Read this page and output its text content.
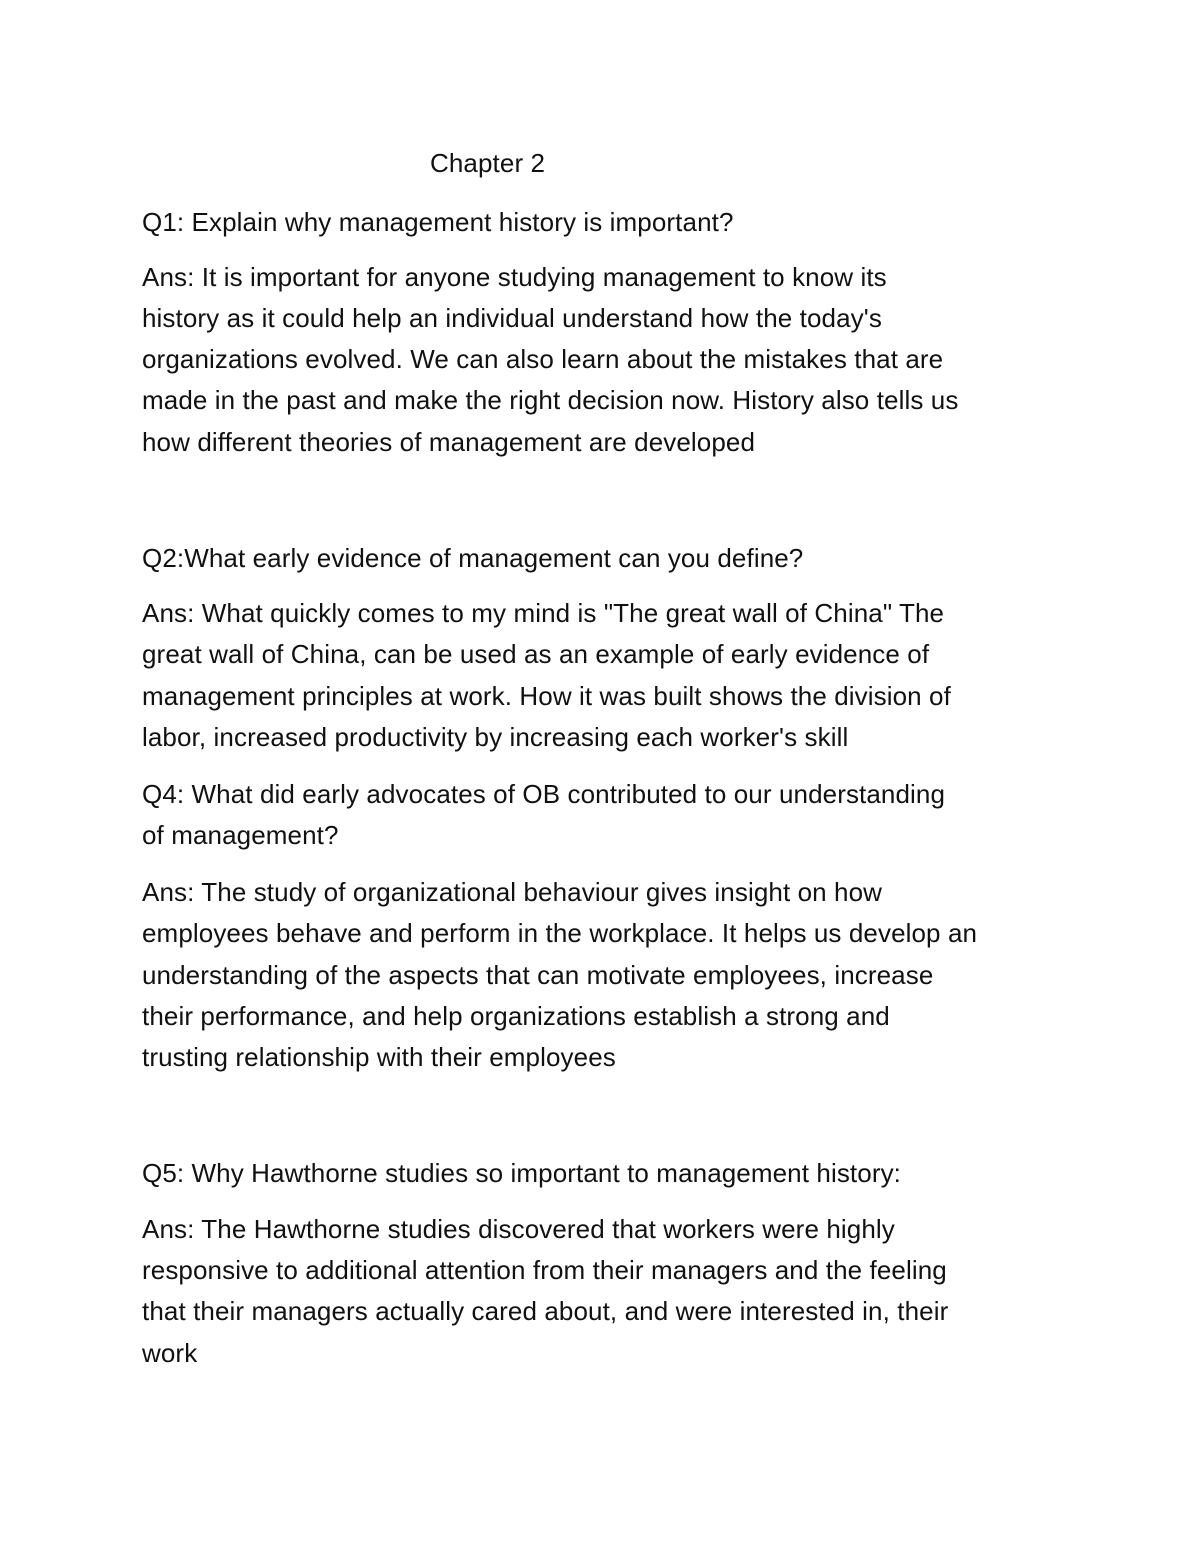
Chapter 2
Q1: Explain why management history is important?
Ans: It is important for anyone studying management to know its
history as it could help an individual understand how the today's
organizations evolved. We can also learn about the mistakes that are
made in the past and make the right decision now. History also tells us
how different theories of management are developed
Q2:What early evidence of management can you define?
Ans: What quickly comes to my mind is "The great wall of China" The
great wall of China, can be used as an example of early evidence of
management principles at work. How it was built shows the division of
labor, increased productivity by increasing each worker's skill
Q4: What did early advocates of OB contributed to our understanding
of management?
Ans: The study of organizational behaviour gives insight on how
employees behave and perform in the workplace. It helps us develop an
understanding of the aspects that can motivate employees, increase
their performance, and help organizations establish a strong and
trusting relationship with their employees
Q5: Why Hawthorne studies so important to management history:
Ans: The Hawthorne studies discovered that workers were highly
responsive to additional attention from their managers and the feeling
that their managers actually cared about, and were interested in, their
work
